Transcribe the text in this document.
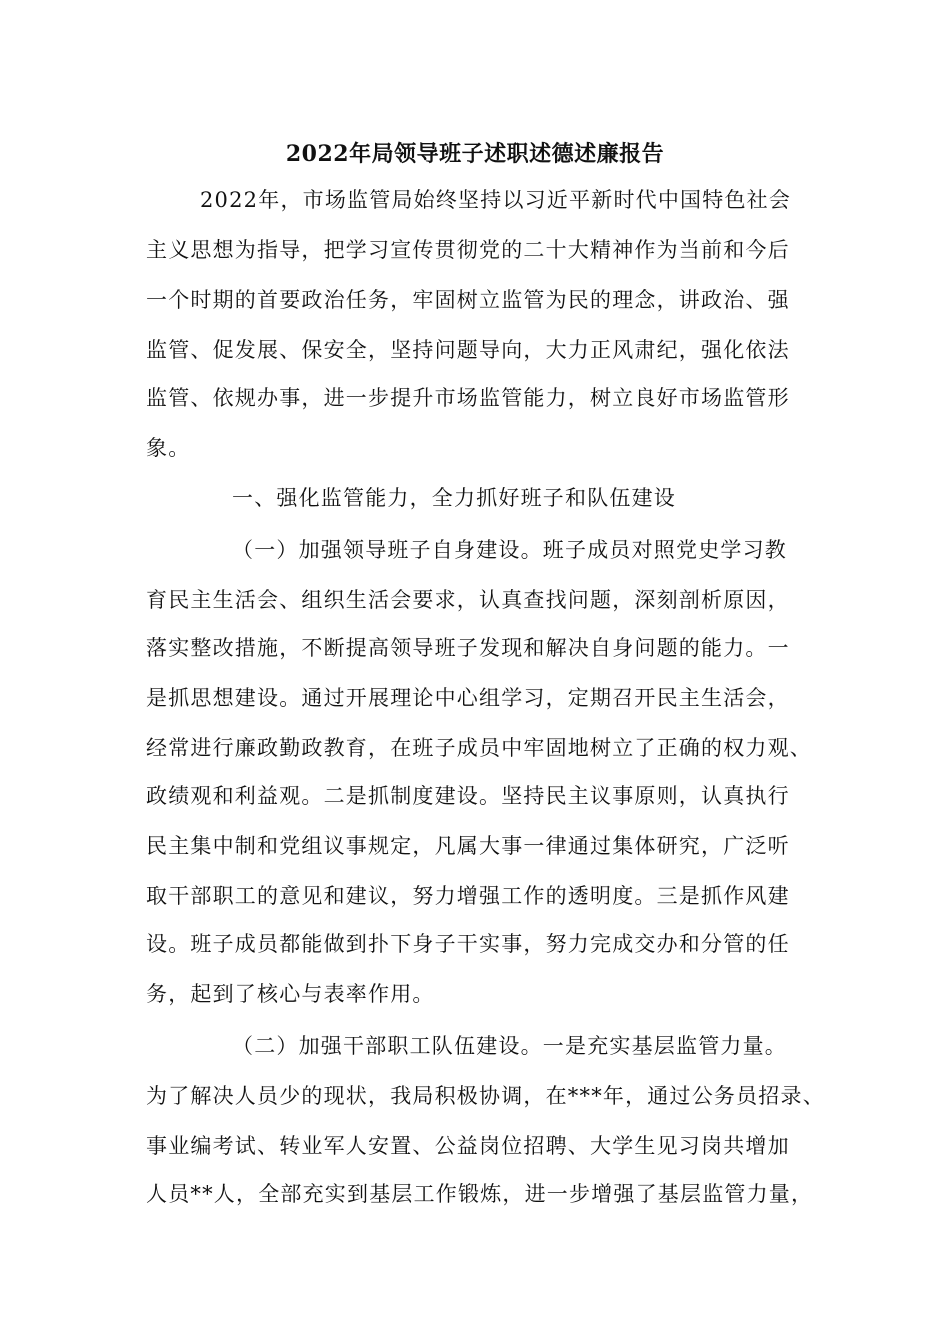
2022年局领导班子述职述德述廉报告
2022年，市场监管局始终坚持以习近平新时代中国特色社会
主义思想为指导，把学习宣传贯彻党的二十大精神作为当前和今后
一个时期的首要政治任务，牢固树立监管为民的理念，讲政治、强
监管、促发展、保安全，坚持问题导向，大力正风肃纪，强化依法
监管、依规办事，进一步提升市场监管能力，树立良好市场监管形
象。
一、强化监管能力，全力抓好班子和队伍建设
（一）加强领导班子自身建设。班子成员对照党史学习教
育民主生活会、组织生活会要求，认真查找问题，深刻剖析原因，
落实整改措施，不断提高领导班子发现和解决自身问题的能力。一
是抓思想建设。通过开展理论中心组学习，定期召开民主生活会，
经常进行廉政勤政教育，在班子成员中牢固地树立了正确的权力观、
政绩观和利益观。二是抓制度建设。坚持民主议事原则，认真执行
民主集中制和党组议事规定，凡属大事一律通过集体研究，广泛听
取干部职工的意见和建议，努力增强工作的透明度。三是抓作风建
设。班子成员都能做到扑下身子干实事，努力完成交办和分管的任
务，起到了核心与表率作用。
（二）加强干部职工队伍建设。一是充实基层监管力量。
为了解决人员少的现状，我局积极协调，在***年，通过公务员招录、
事业编考试、转业军人安置、公益岗位招聘、大学生见习岗共增加
人员**人，全部充实到基层工作锻炼，进一步增强了基层监管力量，
